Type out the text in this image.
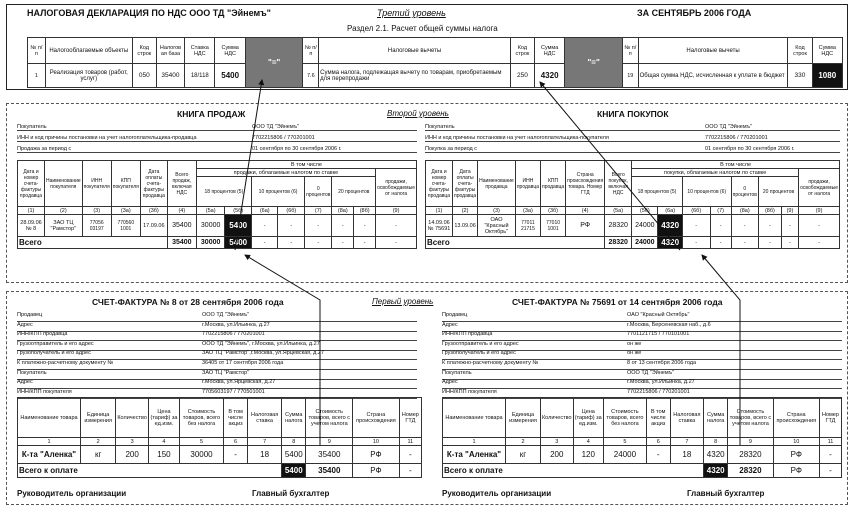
НАЛОГОВАЯ ДЕКЛАРАЦИЯ ПО НДС ООО ТД "Эйнемъ"	Третий уровень	ЗА СЕНТЯБРЬ 2006 ГОДА
Раздел 2.1. Расчет общей суммы налога
№ п/п	Налогооблагаемые объекты	Код строк	Налогов ая база	Ставка НДС	Сумма НДС	"="	№ п/п	Налоговые вычеты	Код строк	Сумма НДС	"="	№ п/п	Налоговые вычеты	Код строк	Сумма НДС
1	Реализация товаров (работ, услуг)	050	35400	18/118	5400		7.6	Сумма налога, подлежащая вычету по товарам, приобретаемым для перепродажи	250	4320		19	Общая сумма НДС, исчисленная к уплате в бюджет	330	1080
КНИГА ПРОДАЖ	Второй уровень	КНИГА ПОКУПОК
Покупатель	ООО ТД "Эйнемъ"
ИНН и код причины постановки на учет налогоплательщика-продавца	7702215806 / 770201001
Продажа за период с	01 сентября по 30 сентября 2006 г.
Покупатель	ООО ТД "Эйнемъ"
ИНН и код причины постановки на учет налогоплательщика-покупателя	7702215806 / 770201001
Покупка за период с	01 сентября по 30 сентября 2006 г.
Дата и номер счета-фактуры продавца	Наименование покупателя	ИНН покупателя	КПП покупателя	Дата оплаты счета-фактуры продавца	Всего продаж, включая НДС	В том числе							
						продажи, облагаемые налогом по ставке							продажи, освобождаемые от налога
						18 процентов (5)		10 процентов (6)		0 процентов	20 процентов		
(1)	(2)	(3)	(3а)	(3б)	(4)	(5а)	(5б)	(6а)	(6б)	(7)	(8а)	(8б)	(9)
28.09.06 № 8	ЗАО ТЦ "Рамстор"	77056 03197	770560 1001	17.09.06	35400	30000	5400	-	-	-	-	-	-
Всего					35400	30000	5400	-	-	-	-	-	-
Дата и номер счета-фактуры продавца	Дата оплаты счета-фактуры продавца	Наименование продавца	ИНН продавца	КПП продавца	Страна происхождения товара. Номер ГТД	Всего покупок, включая НДС	В том числе							
							покупки, облагаемые налогом по ставке							продажи, освобождаемые от налога
							18 процентов (5)		10 процентов (6)		0 процентов	20 процентов		
(1)	(2)	(3)	(3а)	(3б)	(4)	(5а)	(5б)	(6а)	(6б)	(7)	(8а)	(8б)	(9)	(9)
14.09.06 № 75691	13.09.06	ОАО "Красный Октябрь"	77011 21715	77010 1001	РФ	28320	24000	4320	-	-	-	-	-	-
Всего						28320	24000	4320	-	-	-	-	-	-
СЧЕТ-ФАКТУРА № 8 от 28 сентября 2006 года	Первый уровень	СЧЕТ-ФАКТУРА № 75691 от 14 сентября 2006 года
Продавец	ООО ТД "Эйнемъ"
Адрес	г.Москва, ул.Ильинка, д.27
ИНН/КПП продавца	7702215806 / 770201001
Грузоотправитель и его адрес	ООО ТД "Эйнемъ", г.Москва, ул.Ильинка, д.27
Грузополучатель и его адрес	ЗАО ТЦ "Рамстор",г.Москва, ул.Ярцевская, д.27
К платежно-расчетному документу №	36405 от 17 сентября 2006 года
Покупатель	ЗАО ТЦ "Рамстор"
Адрес	г.Москва, ул.Ярцевская, д.27
ИНН/КПП покупателя	7705603197 / 770501001
Продавец	ОАО "Красный Октябрь"
Адрес	г.Москва, Берсеневская наб., д.6
ИНН/КПП продавца	7701121715 / 770101001
Грузоотправитель и его адрес	он же
Грузополучатель и его адрес	он же
К платежно-расчетному документу №	8 от 13 сентября 2006 года
Покупатель	ООО ТД "Эйнемъ"
Адрес	г.Москва, ул.Ильинка, д.27
ИНН/КПП покупателя	7702215806 / 770201001
Наименование товара	Единица измерения	Количество	Цена (тариф) за ед.изм.	Стоимость товаров, всего без налога	В том числе акциз	Налоговая ставка	Сумма налога	Стоимость товаров, всего с учетом налога	Страна происхождения	Номер ГТД
1	2	3	4	5	6	7	8	9	10	11
К-та "Аленка"	кг	200	150	30000	-	18	5400	35400	РФ	-
Всего к оплате							5400	35400	РФ	-
Наименование товара	Единица измерения	Количество	Цена (тариф) за ед.изм.	Стоимость товаров, всего без налога	В том числе акциз	Налоговая ставка	Сумма налога	Стоимость товаров, всего с учетом налога	Страна происхождения	Номер ГТД
1	2	3	4	5	6	7	8	9	10	11
К-та "Аленка"	кг	200	120	24000	-	18	4320	28320	РФ	-
Всего к оплате							4320	28320	РФ	-
Руководитель организации	Главный бухгалтер	Руководитель организации	Главный бухгалтер
